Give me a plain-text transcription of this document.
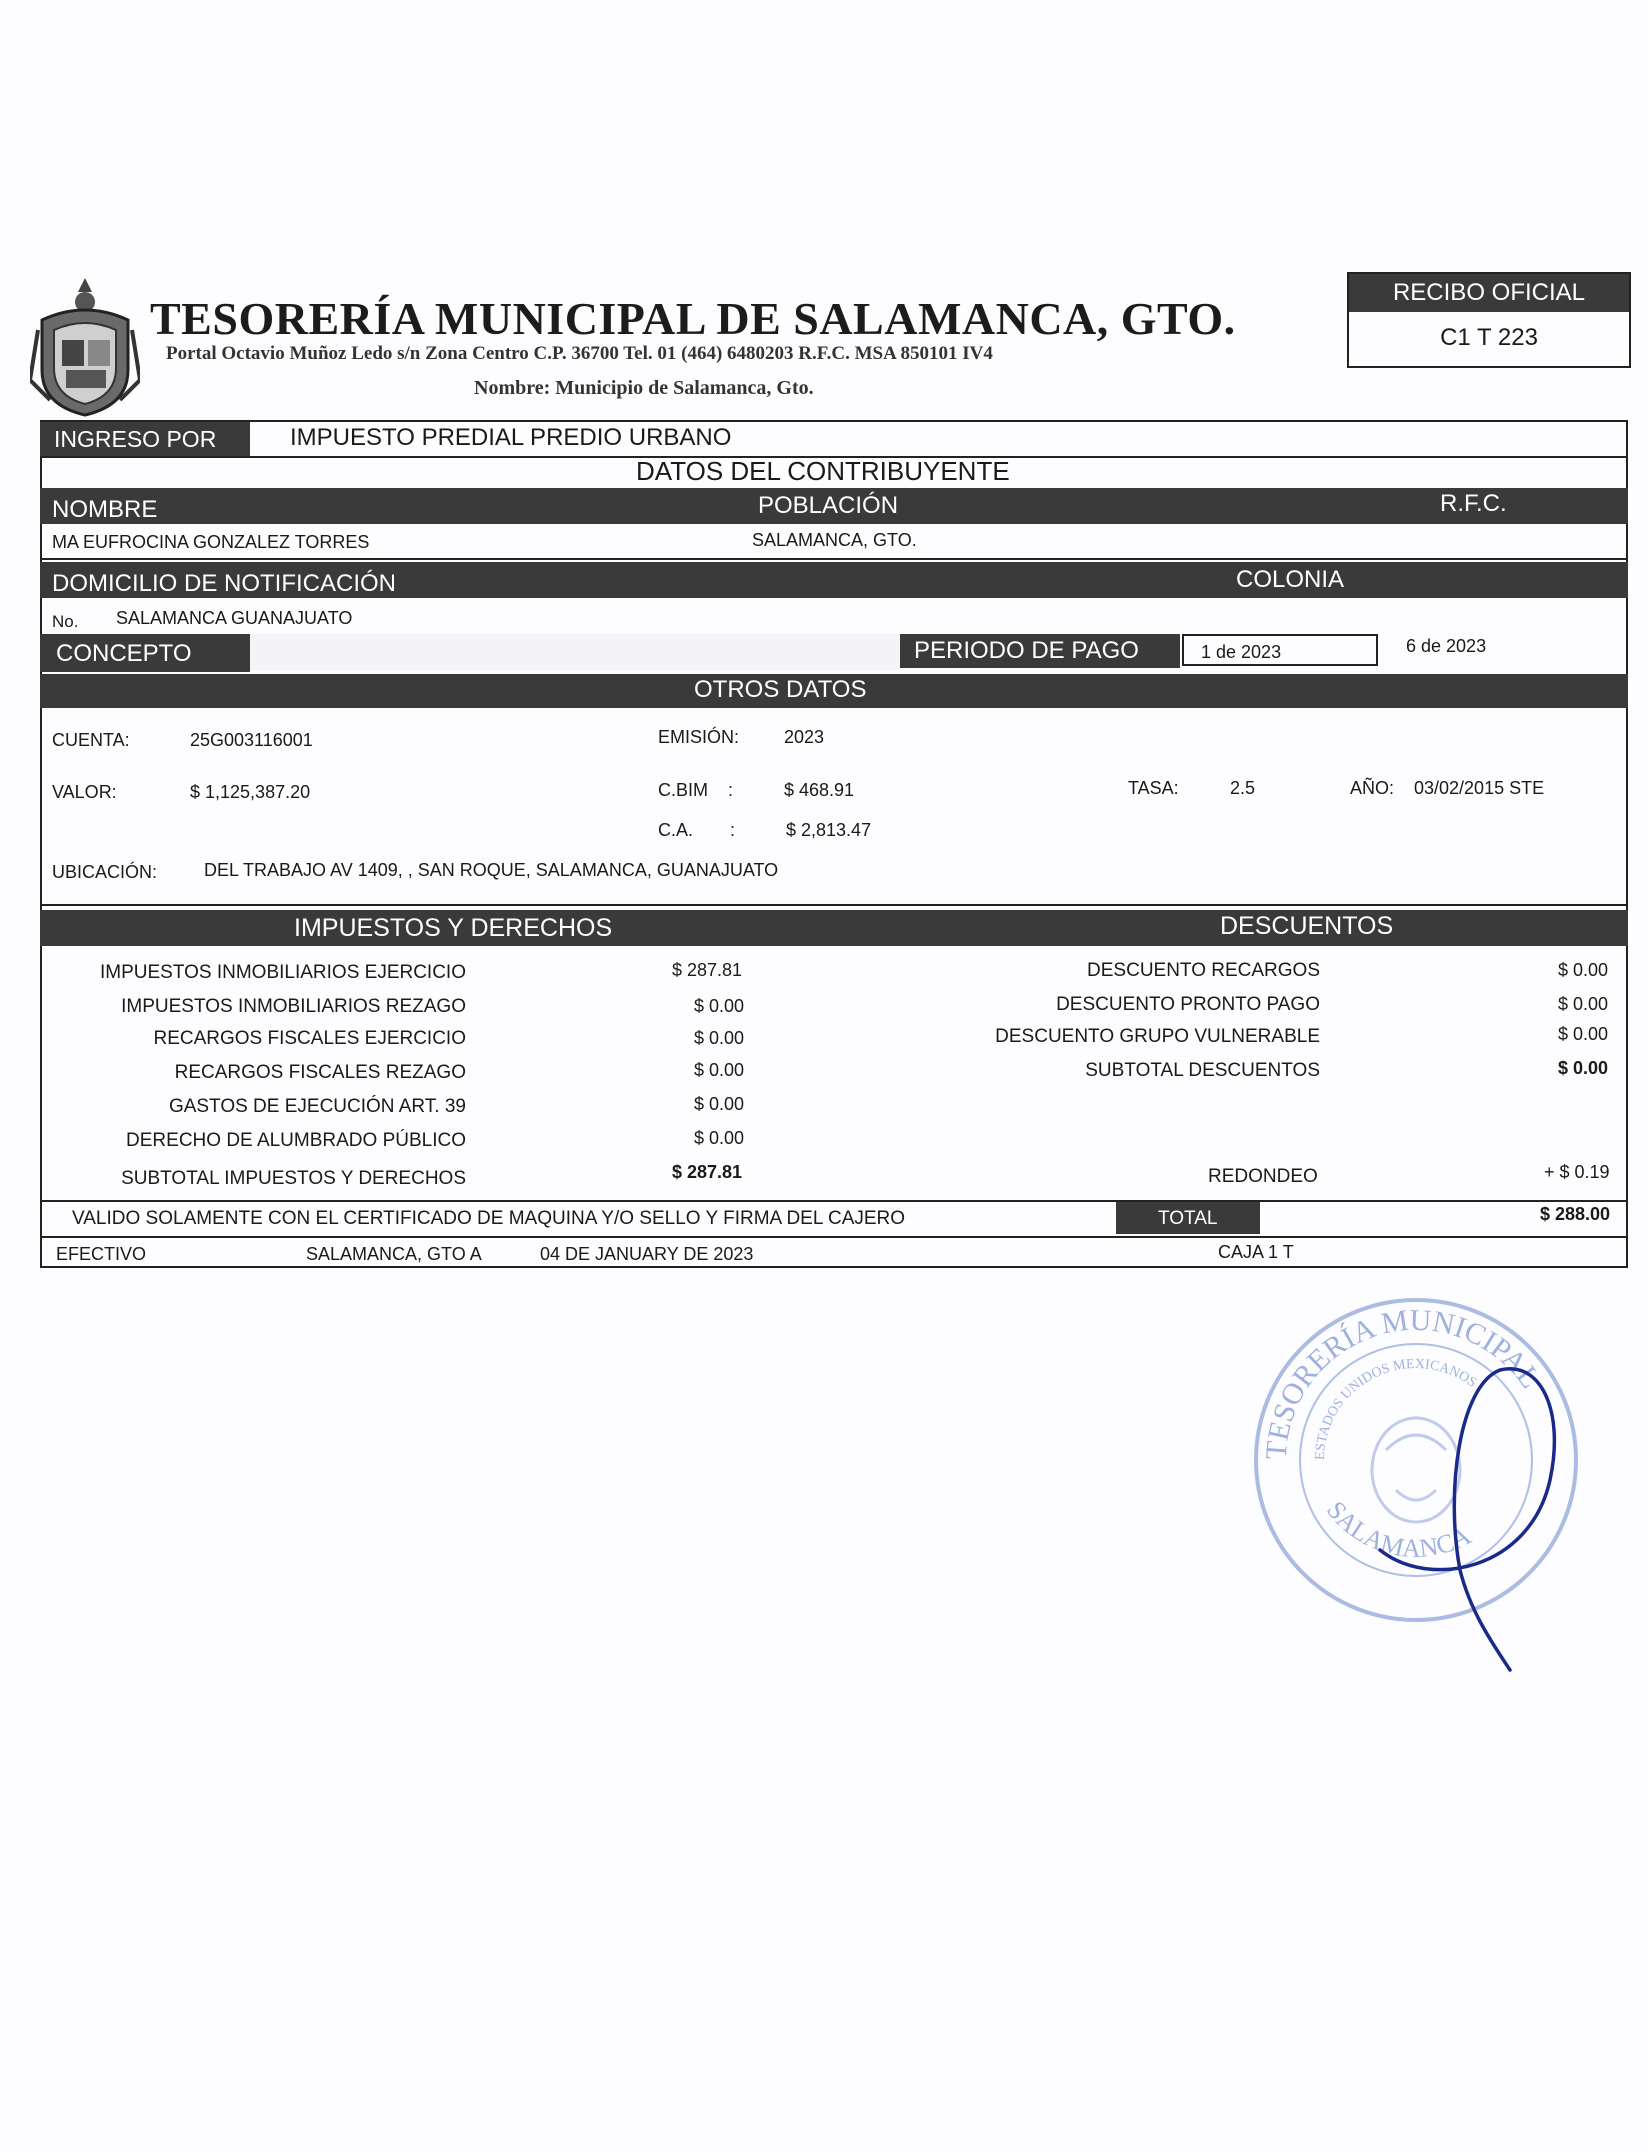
TESORERÍA MUNICIPAL DE SALAMANCA, GTO.
Portal Octavio Muñoz Ledo s/n Zona Centro C.P. 36700 Tel. 01 (464) 6480203 R.F.C. MSA 850101 IV4
Nombre: Municipio de Salamanca, Gto.
RECIBO OFICIAL
C1 T 223
INGRESO POR	IMPUESTO PREDIAL PREDIO URBANO
DATOS DEL CONTRIBUYENTE
NOMBRE	POBLACIÓN	R.F.C.
MA EUFROCINA GONZALEZ TORRES	SALAMANCA, GTO.
DOMICILIO DE NOTIFICACIÓN	COLONIA
No. SALAMANCA GUANAJUATO
CONCEPTO	PERIODO DE PAGO	1 de 2023	6 de 2023
OTROS DATOS
CUENTA:	25G003116001	EMISIÓN: 2023
VALOR:	$ 1,125,387.20	C.BIM :	$ 468.91	TASA:	2.5	AÑO: 03/02/2015 STE
C.A. :	$ 2,813.47
UBICACIÓN:	DEL TRABAJO AV 1409, , SAN ROQUE, SALAMANCA, GUANAJUATO
IMPUESTOS Y DERECHOS	DESCUENTOS
IMPUESTOS INMOBILIARIOS EJERCICIO	$ 287.81
IMPUESTOS INMOBILIARIOS REZAGO	$ 0.00
RECARGOS FISCALES EJERCICIO	$ 0.00
RECARGOS FISCALES REZAGO	$ 0.00
GASTOS DE EJECUCIÓN ART. 39	$ 0.00
DERECHO DE ALUMBRADO PÚBLICO	$ 0.00
SUBTOTAL IMPUESTOS Y DERECHOS	$ 287.81
DESCUENTO RECARGOS	$ 0.00
DESCUENTO PRONTO PAGO	$ 0.00
DESCUENTO GRUPO VULNERABLE	$ 0.00
SUBTOTAL DESCUENTOS	$ 0.00
REDONDEO	+ $ 0.19
VALIDO SOLAMENTE CON EL CERTIFICADO DE MAQUINA Y/O SELLO Y FIRMA DEL CAJERO	TOTAL	$ 288.00
EFECTIVO	SALAMANCA, GTO A	04 DE JANUARY DE 2023	CAJA 1 T
TESORERÍA MUNICIPAL
ESTADOS UNIDOS MEXICANOS
SALAMANCA
